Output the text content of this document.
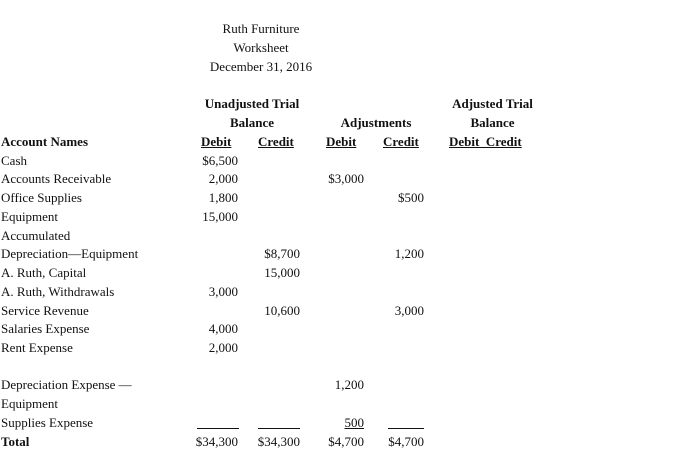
Ruth Furniture
Worksheet
December 31, 2016
Unadjusted Trial
Balance	Adjustments
Adjusted Trial
Balance
Account Names	Debit Credit Debit Credit Debit  Credit
Cash
Accounts Receivable
Office Supplies
Equipment
Accumulated
Depreciation—Equipment
A. Ruth, Capital
A. Ruth, Withdrawals
Service Revenue
Salaries Expense
Rent Expense
Depreciation Expense —
Equipment
Supplies Expense
Total
$6,500
2,000
1,800
15,000
3,000
4,000
2,000
$34,300
$8,700
15,000
10,600
$34,300
$3,000
1,200
500
$4,700
$500
1,200
3,000
$4,700
